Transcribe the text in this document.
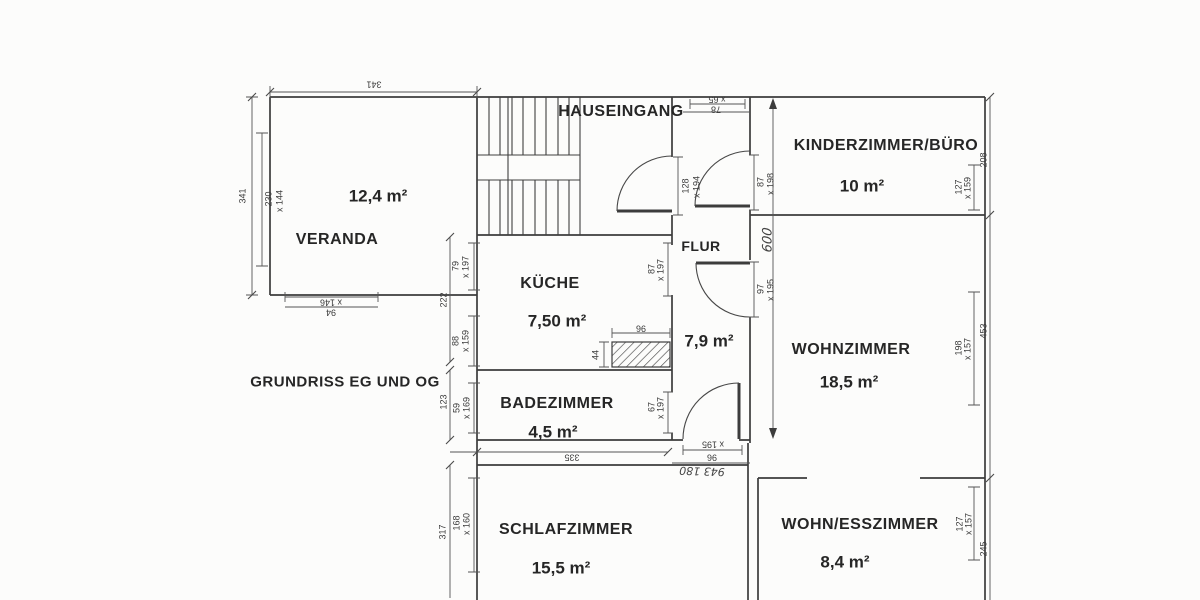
VERANDA
12,4 m²
HAUSEINGANG
KINDERZIMMER/BÜRO
10 m²
KÜCHE
7,50 m²
FLUR
7,9 m²	WOHNZIMMER
18,5 m²
BADEZIMMER
4,5 m²
SCHLAFZIMMER
15,5 m²
WOHN/ESSZIMMER
8,4 m²
GRUNDRISS EG UND OG
341
341 230 x 144
x 146
94
x 65
78
128 x 194	87 x 198
97 x 195
x 195
96
79 x 197
222
88 x 159
87 x 197
96
44
123 59 x 169	67 x 197
335
317
168 x 160
127 x 159
208
198 x 157
453
127 x 157
245
600
943 180
